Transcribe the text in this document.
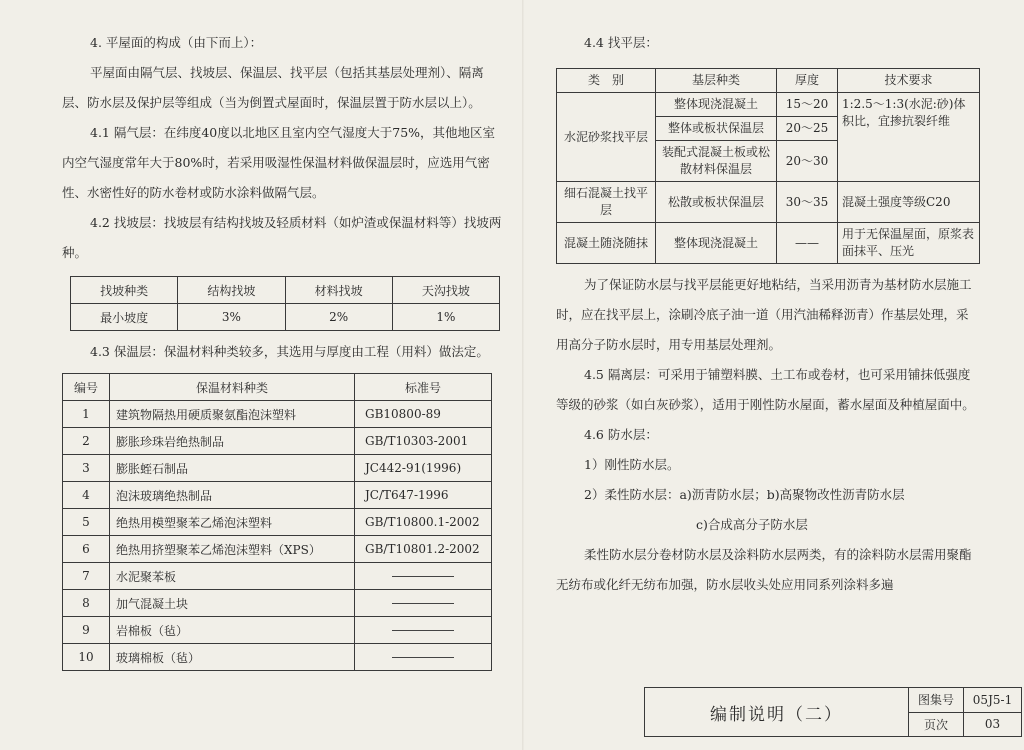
4. 平屋面的构成（由下而上）：

平屋面由隔气层、找坡层、保温层、找平层（包括其基层处理剂）、隔离层、防水层及保护层等组成（当为倒置式屋面时，保温层置于防水层以上）。

4.1 隔气层：在纬度40度以北地区且室内空气湿度大于75%，其他地区室内空气湿度常年大于80%时，若采用吸湿性保温材料做保温层时，应选用气密性、水密性好的防水卷材或防水涂料做隔气层。

4.2 找坡层：找坡层有结构找坡及轻质材料（如炉渣或保温材料等）找坡两种。

找坡种类	结构找坡	材料找坡	天沟找坡
最小坡度	3%	2%	1%

4.3 保温层：保温材料种类较多，其选用与厚度由工程（用料）做法定。

编号	保温材料种类	标准号
1	建筑物隔热用硬质聚氨酯泡沫塑料	GB10800-89
2	膨胀珍珠岩绝热制品	GB/T10303-2001
3	膨胀蛭石制品	JC442-91(1996)
4	泡沫玻璃绝热制品	JC/T647-1996
5	绝热用模塑聚苯乙烯泡沫塑料	GB/T10800.1-2002
6	绝热用挤塑聚苯乙烯泡沫塑料（XPS）	GB/T10801.2-2002
7	水泥聚苯板	
8	加气混凝土块	
9	岩棉板（毡）	
10	玻璃棉板（毡）	

4.4 找平层：

类　别	基层种类	厚度	技术要求
水泥砂浆找平层	整体现浇混凝土	15～20	1:2.5～1:3(水泥:砂)体积比，宜掺抗裂纤维
	整体或板状保温层	20～25	
	装配式混凝土板或松散材料保温层	20～30	
细石混凝土找平层	松散或板状保温层	30～35	混凝土强度等级C20
混凝土随浇随抹	整体现浇混凝土	——	用于无保温屋面，原浆表面抹平、压光

为了保证防水层与找平层能更好地粘结，当采用沥青为基材防水层施工时，应在找平层上，涂刷冷底子油一道（用汽油稀释沥青）作基层处理，采用高分子防水层时，用专用基层处理剂。

4.5 隔离层：可采用于铺塑料膜、土工布或卷材，也可采用铺抹低强度等级的砂浆（如白灰砂浆），适用于刚性防水屋面，蓄水屋面及种植屋面中。

4.6 防水层：

1）刚性防水层。

2）柔性防水层：a)沥青防水层；b)高聚物改性沥青防水层

c)合成高分子防水层

柔性防水层分卷材防水层及涂料防水层两类，有的涂料防水层需用聚酯无纺布或化纤无纺布加强，防水层收头处应用同系列涂料多遍

编制说明（二）
图集号	05J5-1
页次	03
